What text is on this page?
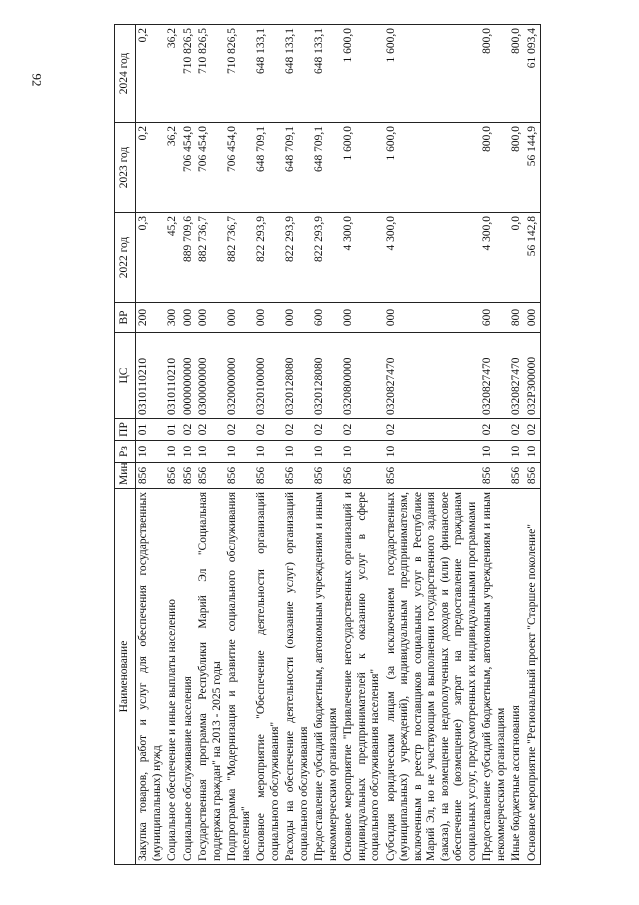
92
Наименование	Мин	Рз	ПР	ЦС	ВР	2022 год	2023 год	2024 год
Закупка товаров, работ и услуг для обеспечения государственных (муниципальных) нужд	856	10	01	0310110210	200	0,3	0,2	0,2
Социальное обеспечение и иные выплаты населению	856	10	01	0310110210	300	45,2	36,2	36,2
Социальное обслуживание населения	856	10	02	0000000000	000	889 709,6	706 454,0	710 826,5
Государственная программа Республики Марий Эл "Социальная поддержка граждан" на 2013 - 2025 годы	856	10	02	0300000000	000	882 736,7	706 454,0	710 826,5
Подпрограмма "Модернизация и развитие социального обслуживания населения"	856	10	02	0320000000	000	882 736,7	706 454,0	710 826,5
Основное мероприятие "Обеспечение деятельности организаций социального обслуживания"	856	10	02	0320100000	000	822 293,9	648 709,1	648 133,1
Расходы на обеспечение деятельности (оказание услуг) организаций социального обслуживания	856	10	02	0320128080	000	822 293,9	648 709,1	648 133,1
Предоставление субсидий бюджетным, автономным учреждениям и иным некоммерческим организациям	856	10	02	0320128080	600	822 293,9	648 709,1	648 133,1
Основное мероприятие "Привлечение негосударственных организаций и индивидуальных предпринимателей к оказанию услуг в сфере социального обслуживания населения"	856	10	02	0320800000	000	4 300,0	1 600,0	1 600,0
Субсидия юридическим лицам (за исключением государственных (муниципальных) учреждений), индивидуальным предпринимателям, включенным в реестр поставщиков социальных услуг в Республике Марий Эл, но не участвующим в выполнении государственного задания (заказа), на возмещение недополученных доходов и (или) финансовое обеспечение (возмещение) затрат на предоставление гражданам социальных услуг, предусмотренных их индивидуальными программами	856	10	02	0320827470	000	4 300,0	1 600,0	1 600,0
Предоставление субсидий бюджетным, автономным учреждениям и иным некоммерческим организациям	856	10	02	0320827470	600	4 300,0	800,0	800,0
Иные бюджетные ассигнования	856	10	02	0320827470	800	0,0	800,0	800,0
Основное мероприятие "Региональный проект "Старшее поколение"	856	10	02	032P300000	000	56 142,8	56 144,9	61 093,4
